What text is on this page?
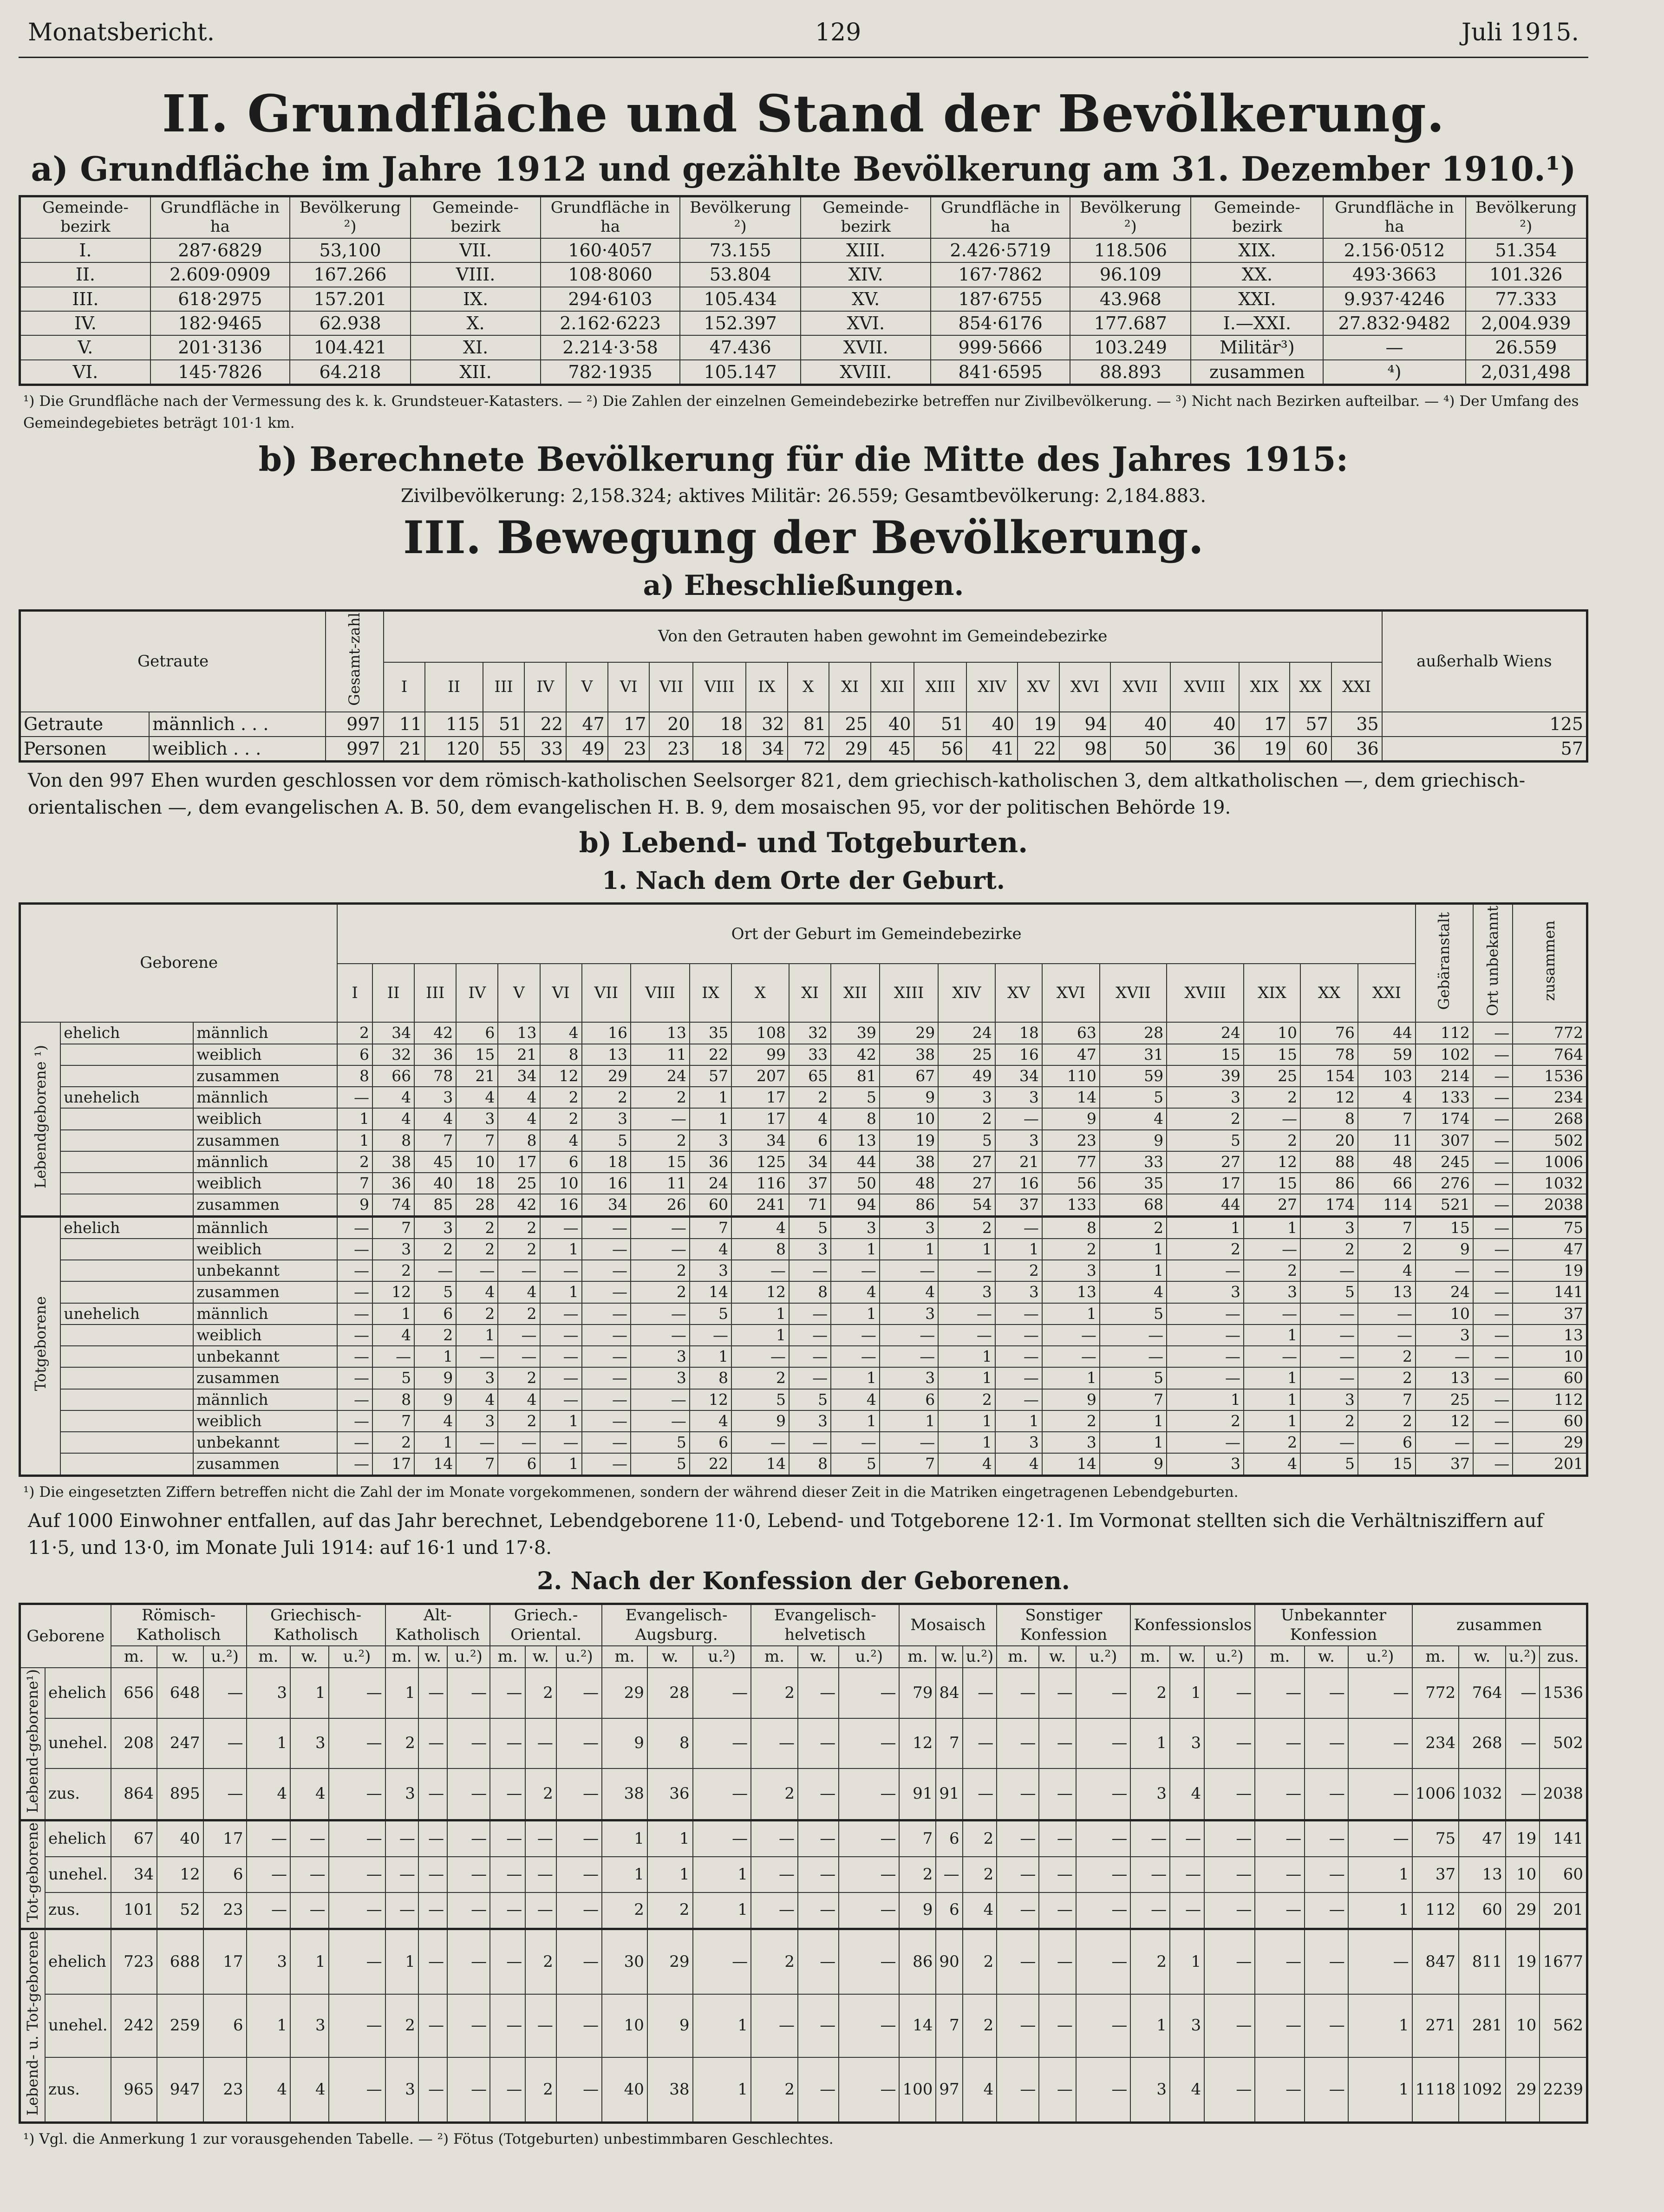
Monatsbericht.	129	Juli 1915.
II. Grundfläche und Stand der Bevölkerung.
a) Grundfläche im Jahre 1912 und gezählte Bevölkerung am 31. Dezember 1910.¹)
Gemeinde-bezirk	Grundfläche in ha	Bevölkerung ²)	Gemeinde-bezirk	Grundfläche in ha	Bevölkerung ²)	Gemeinde-bezirk	Grundfläche in ha	Bevölkerung ²)	Gemeinde-bezirk	Grundfläche in ha	Bevölkerung ²)
I.	287·6829	53,100	VII.	160·4057	73.155	XIII.	2.426·5719	118.506	XIX.	2.156·0512	51.354
II.	2.609·0909	167.266	VIII.	108·8060	53.804	XIV.	167·7862	96.109	XX.	493·3663	101.326
III.	618·2975	157.201	IX.	294·6103	105.434	XV.	187·6755	43.968	XXI.	9.937·4246	77.333
IV.	182·9465	62.938	X.	2.162·6223	152.397	XVI.	854·6176	177.687	I.—XXI.	27.832·9482	2,004.939
V.	201·3136	104.421	XI.	2.214·3·58	47.436	XVII.	999·5666	103.249	Militär³)	—	26.559
VI.	145·7826	64.218	XII.	782·1935	105.147	XVIII.	841·6595	88.893	zusammen	⁴)	2,031,498
¹) Die Grundfläche nach der Vermessung des k. k. Grundsteuer-Katasters. — ²) Die Zahlen der einzelnen Gemeindebezirke betreffen nur Zivilbevölkerung. — ³) Nicht nach Bezirken aufteilbar. — ⁴) Der Umfang des Gemeindegebietes beträgt 101·1 km.
b) Berechnete Bevölkerung für die Mitte des Jahres 1915:
Zivilbevölkerung: 2,158.324; aktives Militär: 26.559; Gesamtbevölkerung: 2,184.883.
III. Bewegung der Bevölkerung.
a) Eheschließungen.
Getraute		Gesamt-zahl	Von den Getrauten haben gewohnt im Gemeindebezirke																					außerhalb Wiens
			I	II	III	IV	V	VI	VII	VIII	IX	X	XI	XII	XIII	XIV	XV	XVI	XVII	XVIII	XIX	XX	XXI	
Getraute	männlich . . .	997	11	115	51	22	47	17	20	18	32	81	25	40	51	40	19	94	40	40	17	57	35	125
Personen	weiblich . . .	997	21	120	55	33	49	23	23	18	34	72	29	45	56	41	22	98	50	36	19	60	36	57
Von den 997 Ehen wurden geschlossen vor dem römisch-katholischen Seelsorger 821, dem griechisch-katholischen 3, dem altkatholischen —, dem griechisch-orientalischen —, dem evangelischen A. B. 50, dem evangelischen H. B. 9, dem mosaischen 95, vor der politischen Behörde 19.
b) Lebend- und Totgeburten.
1. Nach dem Orte der Geburt.
Geborene			Ort der Geburt im Gemeindebezirke																					Gebäranstalt	Ort unbekannt	zusammen
			I	II	III	IV	V	VI	VII	VIII	IX	X	XI	XII	XIII	XIV	XV	XVI	XVII	XVIII	XIX	XX	XXI			
Lebendgeborene ¹)	ehelich	männlich	2	34	42	6	13	4	16	13	35	108	32	39	29	24	18	63	28	24	10	76	44	112	—	772
		weiblich	6	32	36	15	21	8	13	11	22	99	33	42	38	25	16	47	31	15	15	78	59	102	—	764
		zusammen	8	66	78	21	34	12	29	24	57	207	65	81	67	49	34	110	59	39	25	154	103	214	—	1536
	unehelich	männlich	—	4	3	4	4	2	2	2	1	17	2	5	9	3	3	14	5	3	2	12	4	133	—	234
		weiblich	1	4	4	3	4	2	3	—	1	17	4	8	10	2	—	9	4	2	—	8	7	174	—	268
		zusammen	1	8	7	7	8	4	5	2	3	34	6	13	19	5	3	23	9	5	2	20	11	307	—	502
		männlich	2	38	45	10	17	6	18	15	36	125	34	44	38	27	21	77	33	27	12	88	48	245	—	1006
		weiblich	7	36	40	18	25	10	16	11	24	116	37	50	48	27	16	56	35	17	15	86	66	276	—	1032
		zusammen	9	74	85	28	42	16	34	26	60	241	71	94	86	54	37	133	68	44	27	174	114	521	—	2038
Totgeborene	ehelich	männlich	—	7	3	2	2	—	—	—	7	4	5	3	3	2	—	8	2	1	1	3	7	15	—	75
		weiblich	—	3	2	2	2	1	—	—	4	8	3	1	1	1	1	2	1	2	—	2	2	9	—	47
		unbekannt	—	2	—	—	—	—	—	2	3	—	—	—	—	—	2	3	1	—	2	—	4	—	—	19
		zusammen	—	12	5	4	4	1	—	2	14	12	8	4	4	3	3	13	4	3	3	5	13	24	—	141
	unehelich	männlich	—	1	6	2	2	—	—	—	5	1	—	1	3	—	—	1	5	—	—	—	—	10	—	37
		weiblich	—	4	2	1	—	—	—	—	—	1	—	—	—	—	—	—	—	—	1	—	—	3	—	13
		unbekannt	—	—	1	—	—	—	—	3	1	—	—	—	—	1	—	—	—	—	—	—	2	—	—	10
		zusammen	—	5	9	3	2	—	—	3	8	2	—	1	3	1	—	1	5	—	1	—	2	13	—	60
		männlich	—	8	9	4	4	—	—	—	12	5	5	4	6	2	—	9	7	1	1	3	7	25	—	112
		weiblich	—	7	4	3	2	1	—	—	4	9	3	1	1	1	1	2	1	2	1	2	2	12	—	60
		unbekannt	—	2	1	—	—	—	—	5	6	—	—	—	—	1	3	3	1	—	2	—	6	—	—	29
		zusammen	—	17	14	7	6	1	—	5	22	14	8	5	7	4	4	14	9	3	4	5	15	37	—	201
¹) Die eingesetzten Ziffern betreffen nicht die Zahl der im Monate vorgekommenen, sondern der während dieser Zeit in die Matriken eingetragenen Lebendgeburten.
Auf 1000 Einwohner entfallen, auf das Jahr berechnet, Lebendgeborene 11·0, Lebend- und Totgeborene 12·1. Im Vormonat stellten sich die Verhältnisziffern auf 11·5, und 13·0, im Monate Juli 1914: auf 16·1 und 17·8.
2. Nach der Konfession der Geborenen.
Geborene		Römisch-Katholisch			Griechisch-Katholisch			Alt-Katholisch			Griech.-Oriental.			Evangelisch-Augsburg.			Evangelisch-helvetisch			Mosaisch			Sonstiger Konfession			Konfessionslos			Unbekannter Konfession			zusammen			
		m.	w.	u.²)	m.	w.	u.²)	m.	w.	u.²)	m.	w.	u.²)	m.	w.	u.²)	m.	w.	u.²)	m.	w.	u.²)	m.	w.	u.²)	m.	w.	u.²)	m.	w.	u.²)	m.	w.	u.²)	zus.
Lebend-geborene¹)	ehelich	656	648	—	3	1	—	1	—	—	—	2	—	29	28	—	2	—	—	79	84	—	—	—	—	2	1	—	—	—	—	772	764	—	1536
	unehel.	208	247	—	1	3	—	2	—	—	—	—	—	9	8	—	—	—	—	12	7	—	—	—	—	1	3	—	—	—	—	234	268	—	502
	zus.	864	895	—	4	4	—	3	—	—	—	2	—	38	36	—	2	—	—	91	91	—	—	—	—	3	4	—	—	—	—	1006	1032	—	2038
Tot-geborene	ehelich	67	40	17	—	—	—	—	—	—	—	—	—	1	1	—	—	—	—	7	6	2	—	—	—	—	—	—	—	—	—	75	47	19	141
	unehel.	34	12	6	—	—	—	—	—	—	—	—	—	1	1	1	—	—	—	2	—	2	—	—	—	—	—	—	—	—	1	37	13	10	60
	zus.	101	52	23	—	—	—	—	—	—	—	—	—	2	2	1	—	—	—	9	6	4	—	—	—	—	—	—	—	—	1	112	60	29	201
Lebend- u. Tot-geborene	ehelich	723	688	17	3	1	—	1	—	—	—	2	—	30	29	—	2	—	—	86	90	2	—	—	—	2	1	—	—	—	—	847	811	19	1677
	unehel.	242	259	6	1	3	—	2	—	—	—	—	—	10	9	1	—	—	—	14	7	2	—	—	—	1	3	—	—	—	1	271	281	10	562
	zus.	965	947	23	4	4	—	3	—	—	—	2	—	40	38	1	2	—	—	100	97	4	—	—	—	3	4	—	—	—	1	1118	1092	29	2239
¹) Vgl. die Anmerkung 1 zur vorausgehenden Tabelle. — ²) Fötus (Totgeburten) unbestimmbaren Geschlechtes.
